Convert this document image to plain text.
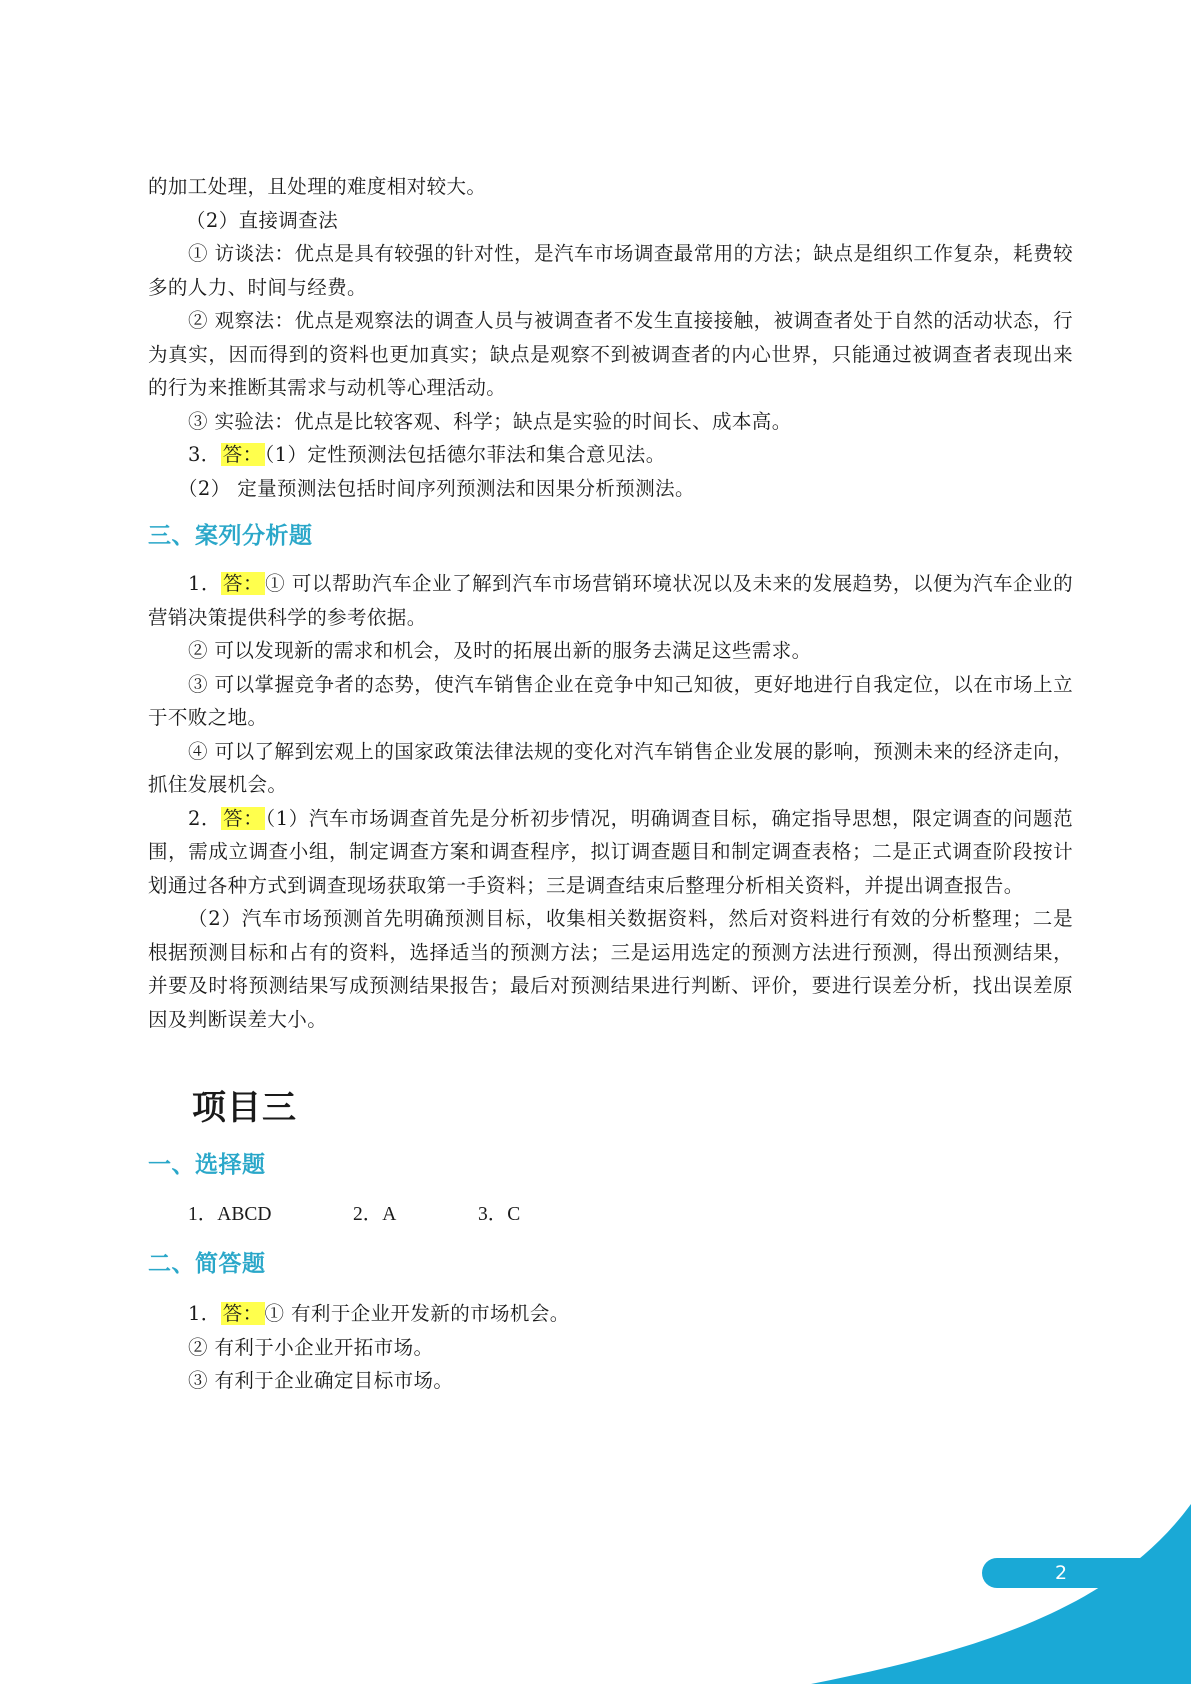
的加工处理，且处理的难度相对较大。

（2）直接调查法

① 访谈法：优点是具有较强的针对性，是汽车市场调查最常用的方法；缺点是组织工作复杂，耗费较多的人力、时间与经费。

② 观察法：优点是观察法的调查人员与被调查者不发生直接接触，被调查者处于自然的活动状态，行为真实，因而得到的资料也更加真实；缺点是观察不到被调查者的内心世界，只能通过被调查者表现出来的行为来推断其需求与动机等心理活动。

③ 实验法：优点是比较客观、科学；缺点是实验的时间长、成本高。

3． 答： （1）定性预测法包括德尔菲法和集合意见法。

（2） 定量预测法包括时间序列预测法和因果分析预测法。

三、案列分析题

1． 答： ① 可以帮助汽车企业了解到汽车市场营销环境状况以及未来的发展趋势，以便为汽车企业的营销决策提供科学的参考依据。

② 可以发现新的需求和机会，及时的拓展出新的服务去满足这些需求。

③ 可以掌握竞争者的态势，使汽车销售企业在竞争中知己知彼，更好地进行自我定位，以在市场上立于不败之地。

④ 可以了解到宏观上的国家政策法律法规的变化对汽车销售企业发展的影响，预测未来的经济走向，抓住发展机会。

2． 答： （1）汽车市场调查首先是分析初步情况，明确调查目标，确定指导思想，限定调查的问题范围，需成立调查小组，制定调查方案和调查程序，拟订调查题目和制定调查表格；二是正式调查阶段按计划通过各种方式到调查现场获取第一手资料；三是调查结束后整理分析相关资料，并提出调查报告。

（2）汽车市场预测首先明确预测目标，收集相关数据资料，然后对资料进行有效的分析整理；二是根据预测目标和占有的资料，选择适当的预测方法；三是运用选定的预测方法进行预测，得出预测结果，并要及时将预测结果写成预测结果报告；最后对预测结果进行判断、评价，要进行误差分析，找出误差原因及判断误差大小。

项目三
一、选择题
1．ABCD	2．A	3．C
二、简答题

1． 答： ① 有利于企业开发新的市场机会。

② 有利于小企业开拓市场。

③ 有利于企业确定目标市场。

2
